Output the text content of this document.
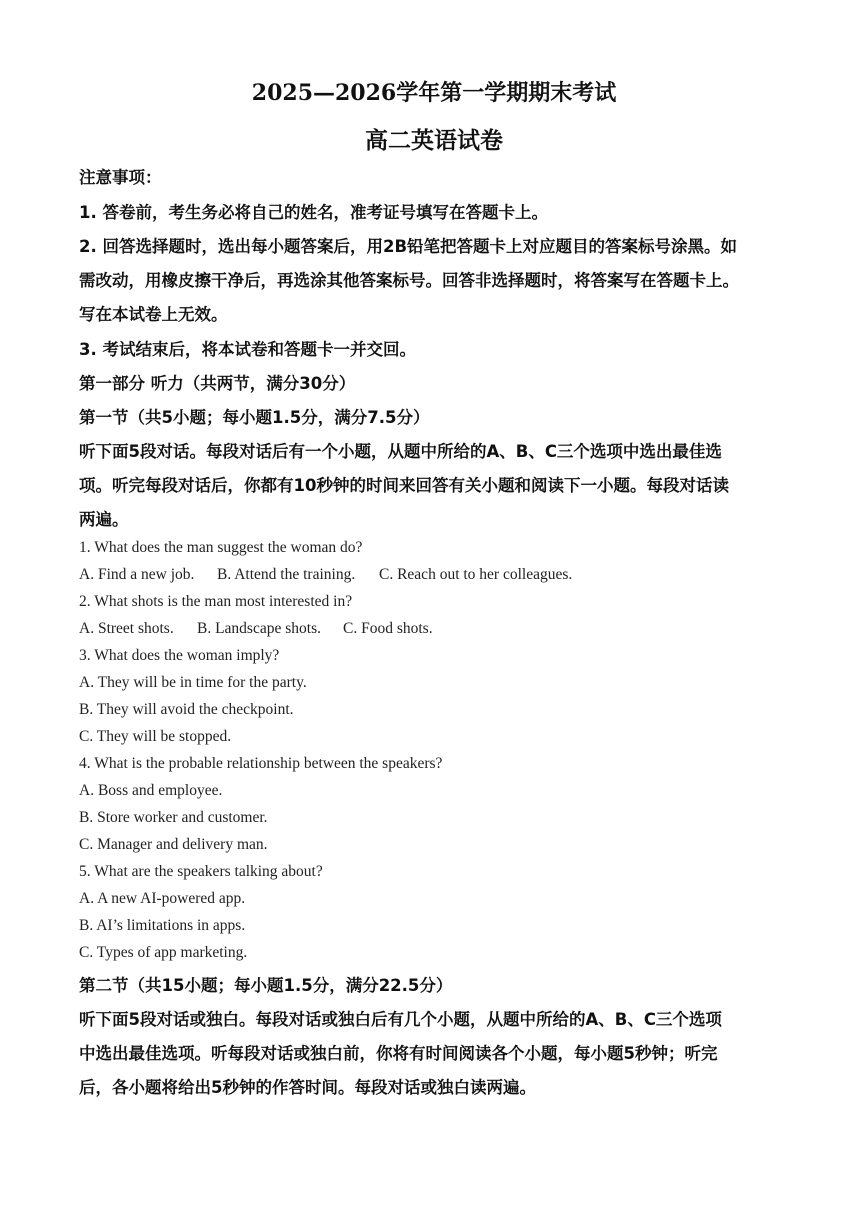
2025—2026学年第一学期期末考试
高二英语试卷
注意事项：
1. 答卷前，考生务必将自己的姓名，准考证号填写在答题卡上。
2. 回答选择题时，选出每小题答案后，用2B铅笔把答题卡上对应题目的答案标号涂黑。如
需改动，用橡皮擦干净后，再选涂其他答案标号。回答非选择题时，将答案写在答题卡上。
写在本试卷上无效。
3. 考试结束后，将本试卷和答题卡一并交回。
第一部分 听力（共两节，满分30分）
第一节（共5小题；每小题1.5分，满分7.5分）
听下面5段对话。每段对话后有一个小题，从题中所给的A、B、C三个选项中选出最佳选
项。听完每段对话后，你都有10秒钟的时间来回答有关小题和阅读下一小题。每段对话读
两遍。
1. What does the man suggest the woman do?
A. Find a new job. B. Attend the training. C. Reach out to her colleagues.
2. What shots is the man most interested in?
A. Street shots. B. Landscape shots. C. Food shots.
3. What does the woman imply?
A. They will be in time for the party.
B. They will avoid the checkpoint.
C. They will be stopped.
4. What is the probable relationship between the speakers?
A. Boss and employee.
B. Store worker and customer.
C. Manager and delivery man.
5. What are the speakers talking about?
A. A new AI-powered app.
B. AI’s limitations in apps.
C. Types of app marketing.
第二节（共15小题；每小题1.5分，满分22.5分）
听下面5段对话或独白。每段对话或独白后有几个小题，从题中所给的A、B、C三个选项
中选出最佳选项。听每段对话或独白前，你将有时间阅读各个小题，每小题5秒钟；听完
后，各小题将给出5秒钟的作答时间。每段对话或独白读两遍。
